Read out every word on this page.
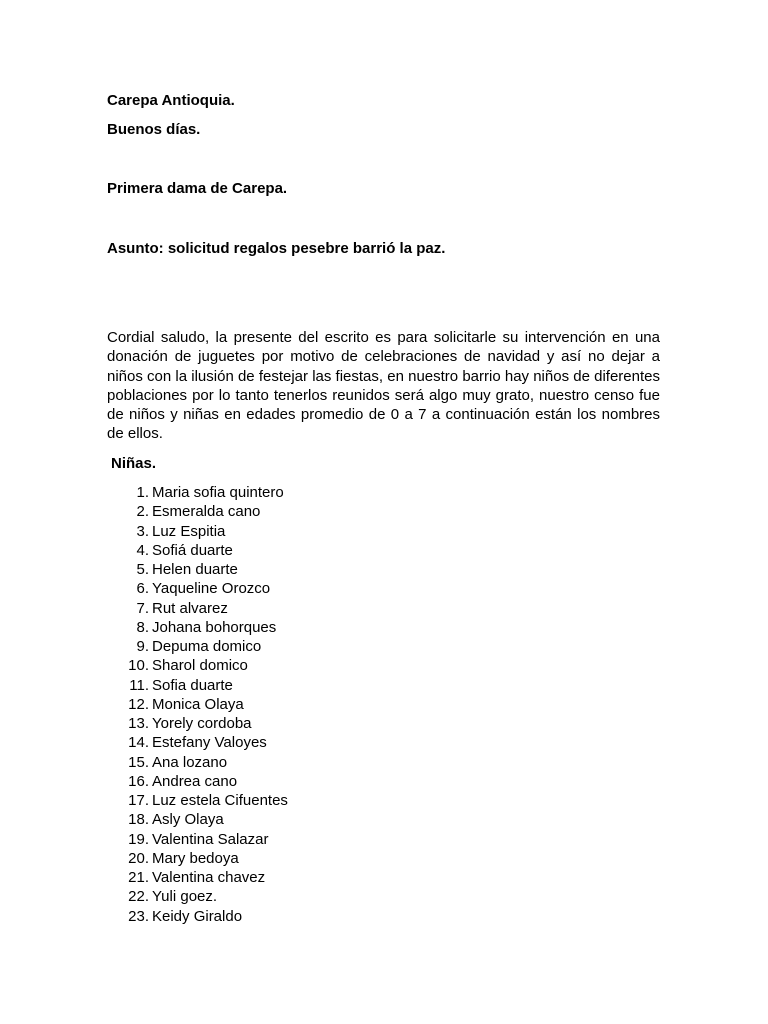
Carepa Antioquia.
Buenos días.
Primera dama de Carepa.
Asunto: solicitud regalos pesebre barrió la paz.

Cordial saludo, la presente del escrito es para solicitarle su intervención en una donación de juguetes por motivo de celebraciones de navidad y así no dejar a niños con la ilusión de festejar las fiestas, en nuestro barrio hay niños de diferentes poblaciones por lo tanto tenerlos reunidos será algo muy grato, nuestro censo fue de niños y niñas en edades promedio de 0 a 7 a continuación están los nombres de ellos.

Niñas.
1. Maria sofia quintero
2. Esmeralda cano
3. Luz Espitia
4. Sofiá duarte
5. Helen duarte
6. Yaqueline Orozco
7. Rut alvarez
8. Johana bohorques
9. Depuma domico
10. Sharol domico
11. Sofia duarte
12. Monica Olaya
13. Yorely cordoba
14. Estefany Valoyes
15. Ana lozano
16. Andrea cano
17. Luz estela Cifuentes
18. Asly Olaya
19. Valentina Salazar
20. Mary bedoya
21. Valentina chavez
22. Yuli goez.
23. Keidy Giraldo
